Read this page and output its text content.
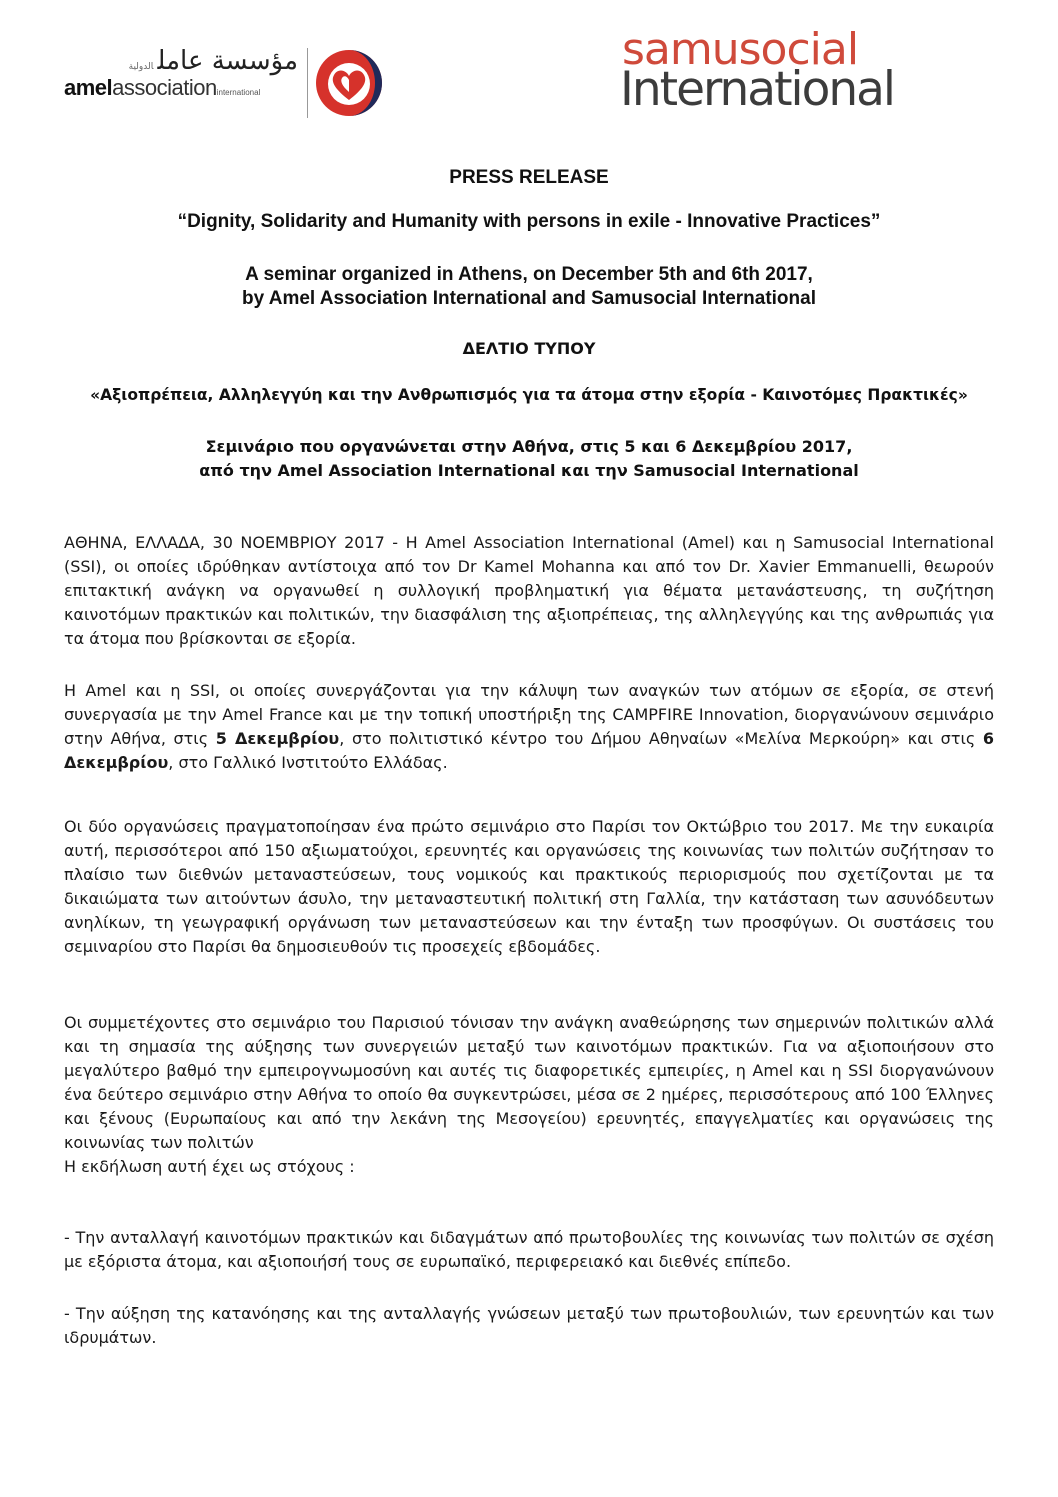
مؤسسة عاملالدولية
amelassociationinternational
samusocial
International
PRESS RELEASE
“Dignity, Solidarity and Humanity with persons in exile - Innovative Practices”
A seminar organized in Athens, on December 5th and 6th 2017,
by Amel Association International and Samusocial International
ΔΕΛΤΙΟ ΤΥΠΟΥ
«Αξιοπρέπεια, Αλληλεγγύη και την Ανθρωπισμός για τα άτομα στην εξορία - Καινοτόμες Πρακτικές»
Σεμινάριο που οργανώνεται στην Αθήνα, στις 5 και 6 Δεκεμβρίου 2017,
από την Amel Association International και την Samusocial International

ΑΘΗΝΑ, ΕΛΛΑΔΑ, 30 ΝΟΕΜΒΡΙΟΥ 2017 - Η Amel Association International (Amel) και η Samusocial International (SSI), οι οποίες ιδρύθηκαν αντίστοιχα από τον Dr Kamel Mohanna και από τον Dr. Xavier Emmanuelli, θεωρούν επιτακτική ανάγκη να οργανωθεί η συλλογική προβληματική για θέματα μετανάστευσης, τη συζήτηση καινοτόμων πρακτικών και πολιτικών, την διασφάλιση της αξιοπρέπειας, της αλληλεγγύης και της ανθρωπιάς για τα άτομα που βρίσκονται σε εξορία.

Η Amel και η SSI, οι οποίες συνεργάζονται για την κάλυψη των αναγκών των ατόμων σε εξορία, σε στενή συνεργασία με την Amel France και με την τοπική υποστήριξη της CAMPFIRE Innovation, διοργανώνουν σεμινάριο στην Αθήνα, στις 5 Δεκεμβρίου, στο πολιτιστικό κέντρο του Δήμου Αθηναίων «Μελίνα Μερκούρη» και στις 6 Δεκεμβρίου, στο Γαλλικό Ινστιτούτο Ελλάδας.

Οι δύο οργανώσεις πραγματοποίησαν ένα πρώτο σεμινάριο στο Παρίσι τον Οκτώβριο του 2017. Με την ευκαιρία αυτή, περισσότεροι από 150 αξιωματούχοι, ερευνητές και οργανώσεις της κοινωνίας των πολιτών συζήτησαν το πλαίσιο των διεθνών μεταναστεύσεων, τους νομικούς και πρακτικούς περιορισμούς που σχετίζονται με τα δικαιώματα των αιτούντων άσυλο, την μεταναστευτική πολιτική στη Γαλλία, την κατάσταση των ασυνόδευτων ανηλίκων, τη γεωγραφική οργάνωση των μεταναστεύσεων και την ένταξη των προσφύγων. Οι συστάσεις του σεμιναρίου στο Παρίσι θα δημοσιευθούν τις προσεχείς εβδομάδες.

Οι συμμετέχοντες στο σεμινάριο του Παρισιού τόνισαν την ανάγκη αναθεώρησης των σημερινών πολιτικών αλλά και τη σημασία της αύξησης των συνεργειών μεταξύ των καινοτόμων πρακτικών. Για να αξιοποιήσουν στο μεγαλύτερο βαθμό την εμπειρογνωμοσύνη και αυτές τις διαφορετικές εμπειρίες, η Amel και η SSI διοργανώνουν ένα δεύτερο σεμινάριο στην Αθήνα το οποίο θα συγκεντρώσει, μέσα σε 2 ημέρες, περισσότερους από 100 Έλληνες και ξένους (Ευρωπαίους και από την λεκάνη της Μεσογείου) ερευνητές, επαγγελματίες και οργανώσεις της κοινωνίας των πολιτών

Η εκδήλωση αυτή έχει ως στόχους :

- Την ανταλλαγή καινοτόμων πρακτικών και διδαγμάτων από πρωτοβουλίες της κοινωνίας των πολιτών σε σχέση με εξόριστα άτομα, και αξιοποιήσή τους σε ευρωπαϊκό, περιφερειακό και διεθνές επίπεδο.

- Την αύξηση της κατανόησης και της ανταλλαγής γνώσεων μεταξύ των πρωτοβουλιών, των ερευνητών και των ιδρυμάτων.
